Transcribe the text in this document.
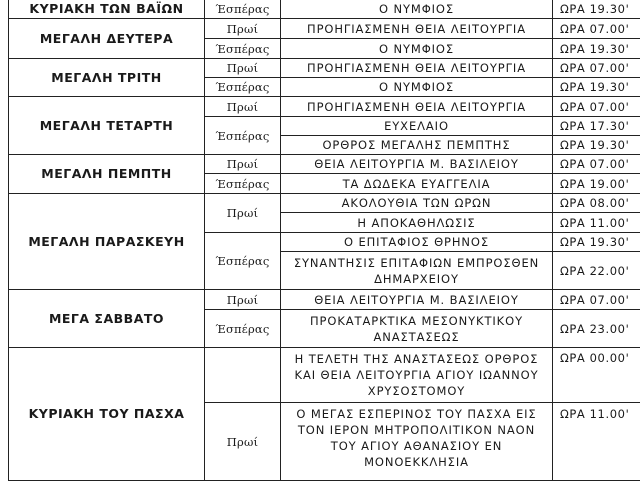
ΚΥΡΙΑΚΗ ΤΩΝ ΒΑΪΩΝ	Έσπέρας	Ο ΝΥΜΦΙΟΣ	ΩΡΑ 19.30'
ΜΕΓΑΛΗ ΔΕΥΤΕΡΑ	Πρωί	ΠΡΟΗΓΙΑΣΜΕΝΗ ΘΕΙΑ ΛΕΙΤΟΥΡΓΙΑ	ΩΡΑ 07.00'
	Έσπέρας	Ο ΝΥΜΦΙΟΣ	ΩΡΑ 19.30'
ΜΕΓΑΛΗ ΤΡΙΤΗ	Πρωί	ΠΡΟΗΓΙΑΣΜΕΝΗ ΘΕΙΑ ΛΕΙΤΟΥΡΓΙΑ	ΩΡΑ 07.00'
	Έσπέρας	Ο ΝΥΜΦΙΟΣ	ΩΡΑ 19.30'
ΜΕΓΑΛΗ ΤΕΤΑΡΤΗ	Πρωί	ΠΡΟΗΓΙΑΣΜΕΝΗ ΘΕΙΑ ΛΕΙΤΟΥΡΓΙΑ	ΩΡΑ 07.00'
	Έσπέρας	ΕΥΧΕΛΑΙΟ	ΩΡΑ 17.30'
		ΟΡΘΡΟΣ ΜΕΓΑΛΗΣ ΠΕΜΠΤΗΣ	ΩΡΑ 19.30'
ΜΕΓΑΛΗ ΠΕΜΠΤΗ	Πρωί	ΘΕΙΑ ΛΕΙΤΟΥΡΓΙΑ Μ. ΒΑΣΙΛΕΙΟΥ	ΩΡΑ 07.00'
	Έσπέρας	ΤΑ ΔΩΔΕΚΑ ΕΥΑΓΓΕΛΙΑ	ΩΡΑ 19.00'
ΜΕΓΑΛΗ ΠΑΡΑΣΚΕΥΗ	Πρωί	ΑΚΟΛΟΥΘΙΑ ΤΩΝ ΩΡΩΝ	ΩΡΑ 08.00'
		Η ΑΠΟΚΑΘΗΛΩΣΙΣ	ΩΡΑ 11.00'
	Έσπέρας	Ο ΕΠΙΤΑΦΙΟΣ ΘΡΗΝΟΣ	ΩΡΑ 19.30'
		ΣΥΝΑΝΤΗΣΙΣ ΕΠΙΤΑΦΙΩΝ ΕΜΠΡΟΣΘΕΝ ΔΗΜΑΡΧΕΙΟΥ	ΩΡΑ 22.00'
ΜΕΓΑ ΣΑΒΒΑΤΟ	Πρωί	ΘΕΙΑ ΛΕΙΤΟΥΡΓΙΑ Μ. ΒΑΣΙΛΕΙΟΥ	ΩΡΑ 07.00'
	Έσπέρας	ΠΡΟΚΑΤΑΡΚΤΙΚΑ ΜΕΣΟΝΥΚΤΙΚΟΥ ΑΝΑΣΤΑΣΕΩΣ	ΩΡΑ 23.00'
ΚΥΡΙΑΚΗ ΤΟΥ ΠΑΣΧΑ		Η ΤΕΛΕΤΗ ΤΗΣ ΑΝΑΣΤΑΣΕΩΣ ΟΡΘΡΟΣ ΚΑΙ ΘΕΙΑ ΛΕΙΤΟΥΡΓΙΑ ΑΓΙΟΥ ΙΩΑΝΝΟΥ ΧΡΥΣΟΣΤΟΜΟΥ	ΩΡΑ 00.00'
	Πρωί	Ο ΜΕΓΑΣ ΕΣΠΕΡΙΝΟΣ ΤΟΥ ΠΑΣΧΑ ΕΙΣ ΤΟΝ ΙΕΡΟΝ ΜΗΤΡΟΠΟΛΙΤΙΚΟΝ ΝΑΟΝ ΤΟΥ ΑΓΙΟΥ ΑΘΑΝΑΣΙΟΥ ΕΝ ΜΟΝΟΕΚΚΛΗΣΙΑ	ΩΡΑ 11.00'
